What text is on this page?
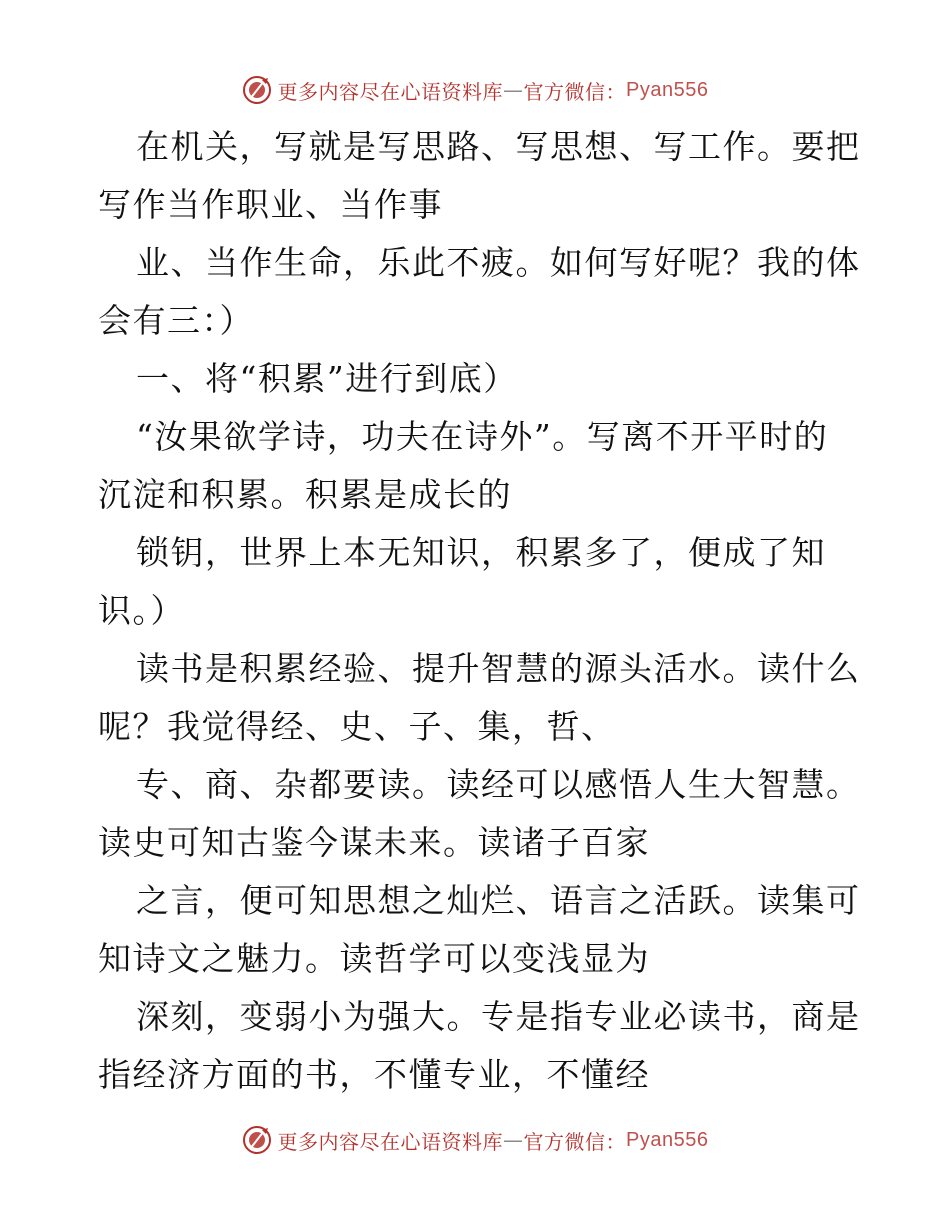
更多内容尽在心语资料库 — 官方微信： Pyan556
在机关，写就是写思路、写思想、写工作。要把
写作当作职业、当作事
业、当作生命，乐此不疲。如何写好呢？我的体
会有三：）
一、将“积累”进行到底）
“汝果欲学诗，功夫在诗外”。写离不开平时的
沉淀和积累。积累是成长的
锁钥，世界上本无知识，积累多了，便成了知
识。）
读书是积累经验、提升智慧的源头活水。读什么
呢？我觉得经、史、子、集，哲、
专、商、杂都要读。读经可以感悟人生大智慧。
读史可知古鉴今谋未来。读诸子百家
之言，便可知思想之灿烂、语言之活跃。读集可
知诗文之魅力。读哲学可以变浅显为
深刻，变弱小为强大。专是指专业必读书，商是
指经济方面的书，不懂专业，不懂经
更多内容尽在心语资料库 — 官方微信： Pyan556
